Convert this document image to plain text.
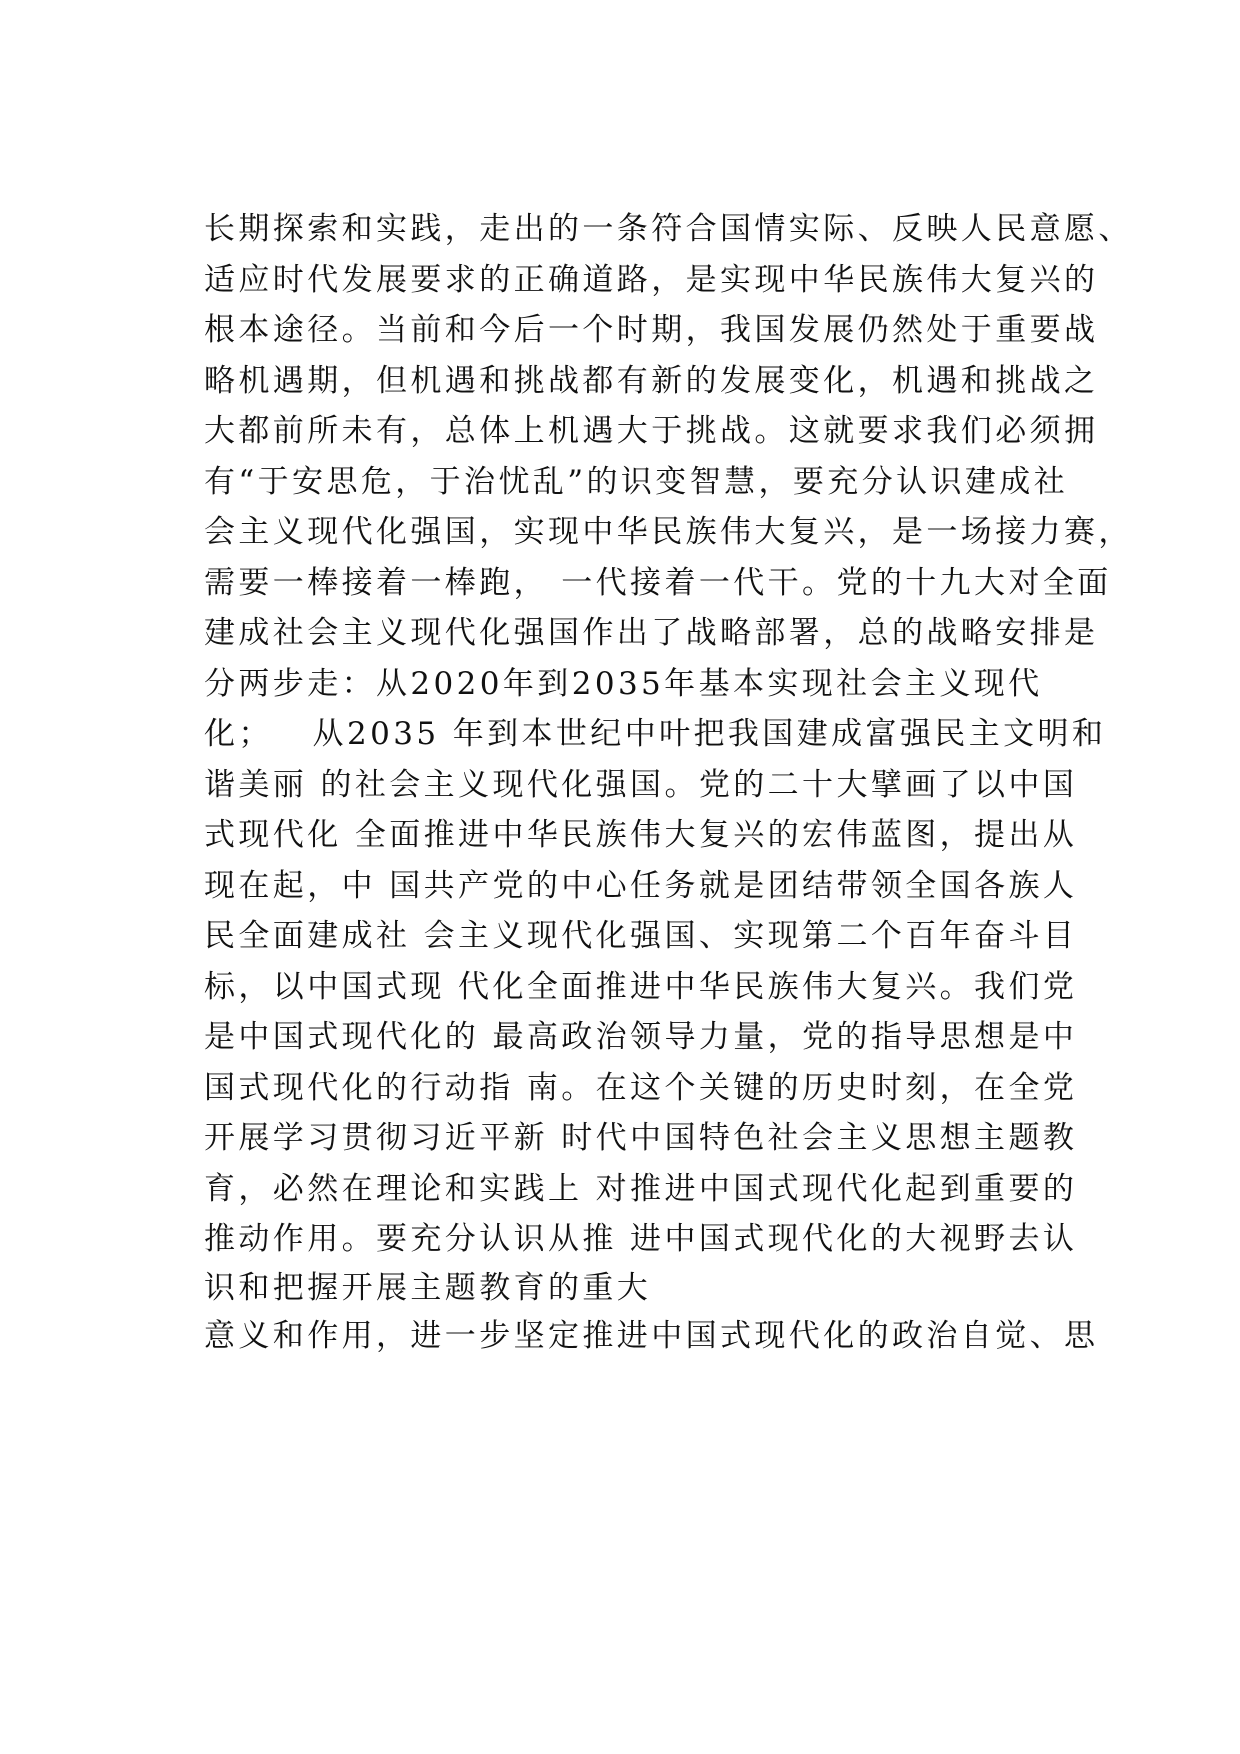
长期探索和实践，走出的一条符合国情实际、反映人民意愿、
适应时代发展要求的正确道路，是实现中华民族伟大复兴的
根本途径。当前和今后一个时期，我国发展仍然处于重要战
略机遇期，但机遇和挑战都有新的发展变化，机遇和挑战之
大都前所未有，总体上机遇大于挑战。这就要求我们必须拥
有“于安思危，于治忧乱”的识变智慧，要充分认识建成社
会主义现代化强国，实现中华民族伟大复兴，是一场接力赛，
需要一棒接着一棒跑， 一代接着一代干。党的十九大对全面
建成社会主义现代化强国作出了战略部署，总的战略安排是
分两步走：从2020年到2035年基本实现社会主义现代
化；   从2035 年到本世纪中叶把我国建成富强民主文明和
谐美丽 的社会主义现代化强国。党的二十大擘画了以中国
式现代化 全面推进中华民族伟大复兴的宏伟蓝图，提出从
现在起，中 国共产党的中心任务就是团结带领全国各族人
民全面建成社 会主义现代化强国、实现第二个百年奋斗目
标，以中国式现 代化全面推进中华民族伟大复兴。我们党
是中国式现代化的 最高政治领导力量，党的指导思想是中
国式现代化的行动指 南。在这个关键的历史时刻，在全党
开展学习贯彻习近平新 时代中国特色社会主义思想主题教
育，必然在理论和实践上 对推进中国式现代化起到重要的
推动作用。要充分认识从推 进中国式现代化的大视野去认
识和把握开展主题教育的重大
意义和作用，进一步坚定推进中国式现代化的政治自觉、思
